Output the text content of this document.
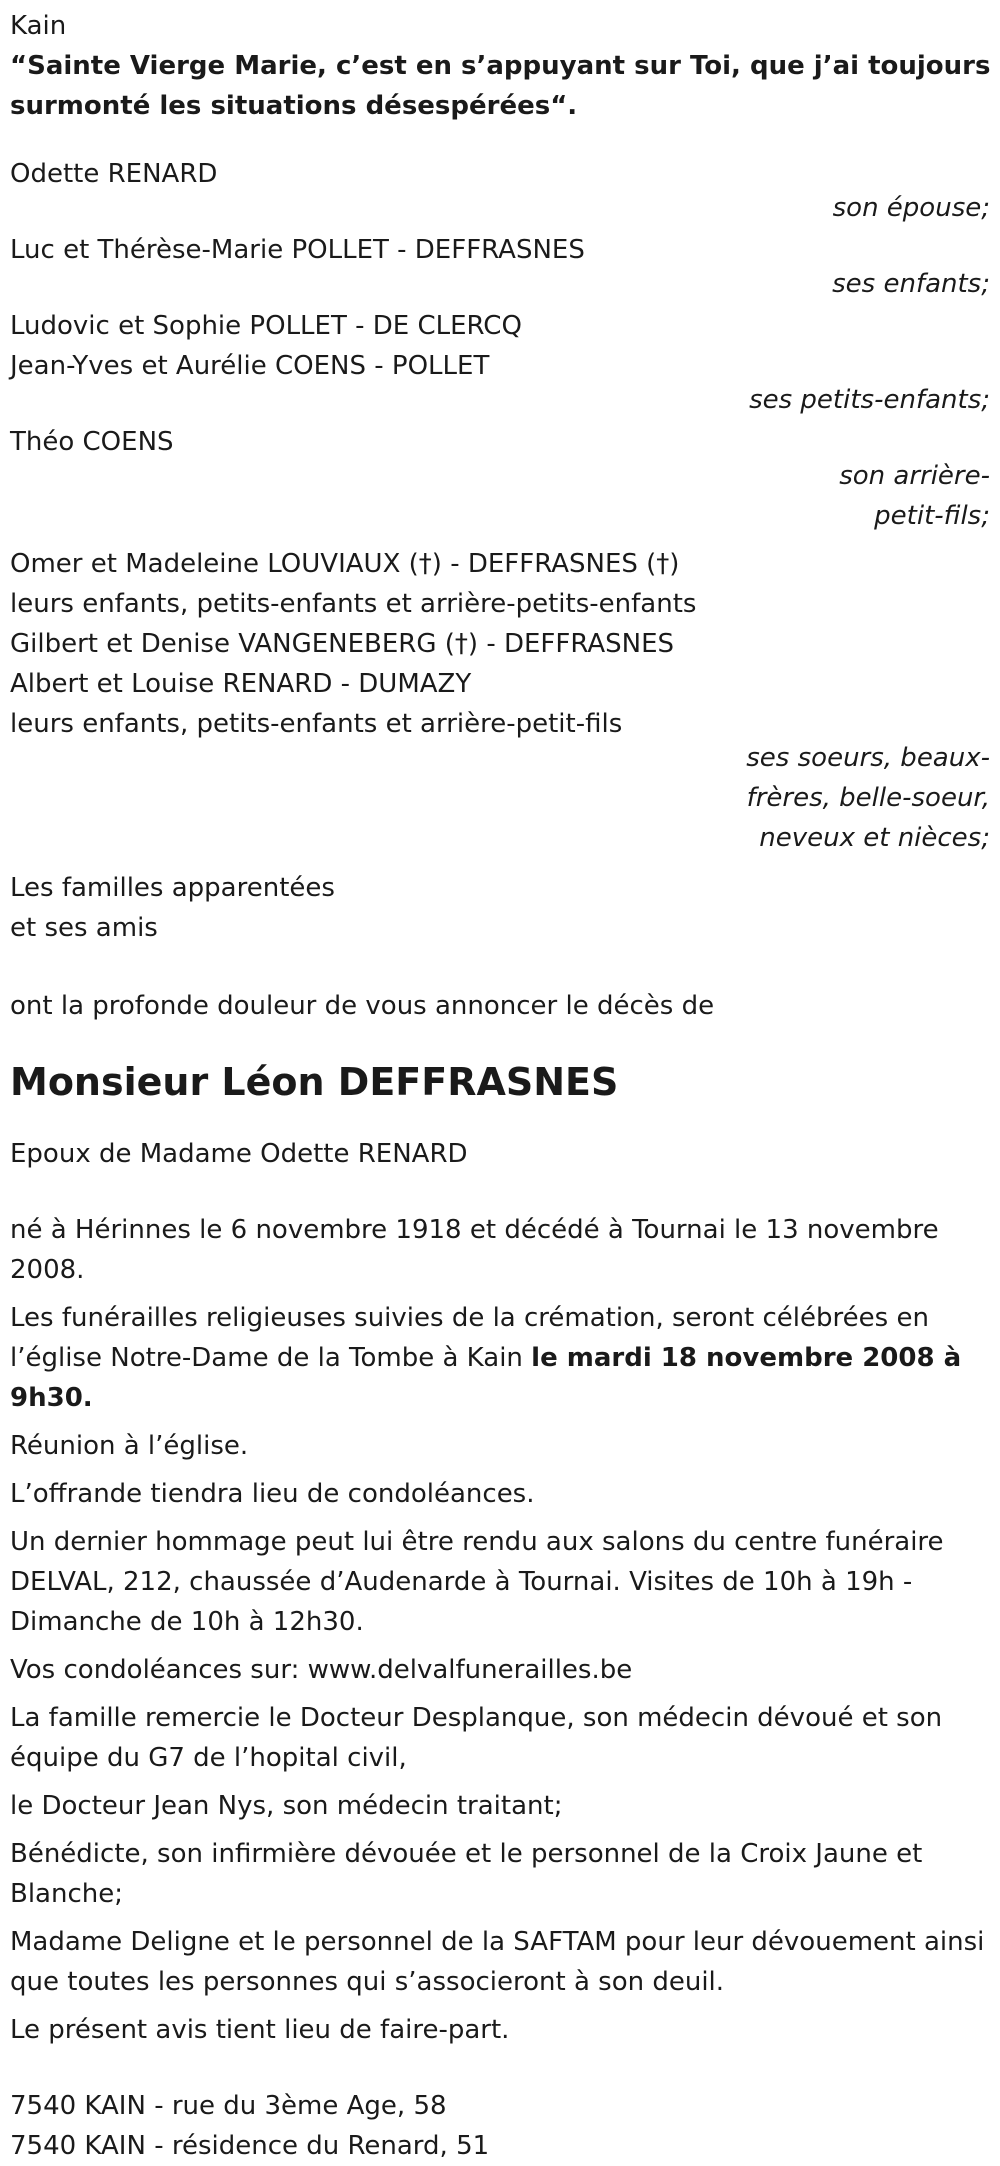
Kain
“Sainte Vierge Marie, c’est en s’appuyant sur Toi, que j’ai toujours
surmonté les situations désespérées“.
Odette RENARD
son épouse;
Luc et Thérèse-Marie POLLET - DEFFRASNES
ses enfants;
Ludovic et Sophie POLLET - DE CLERCQ
Jean-Yves et Aurélie COENS - POLLET
ses petits-enfants;
Théo COENS
son arrière-
petit-fils;
Omer et Madeleine LOUVIAUX (†) - DEFFRASNES (†)
leurs enfants, petits-enfants et arrière-petits-enfants
Gilbert et Denise VANGENEBERG (†) - DEFFRASNES
Albert et Louise RENARD - DUMAZY
leurs enfants, petits-enfants et arrière-petit-fils
ses soeurs, beaux-
frères, belle-soeur,
neveux et nièces;
Les familles apparentées
et ses amis
ont la profonde douleur de vous annoncer le décès de
Monsieur Léon DEFFRASNES
Epoux de Madame Odette RENARD
né à Hérinnes le 6 novembre 1918 et décédé à Tournai le 13 novembre 2008.
Les funérailles religieuses suivies de la crémation, seront célébrées en l’église Notre-Dame de la Tombe à Kain le mardi 18 novembre 2008 à 9h30.
Réunion à l’église.
L’offrande tiendra lieu de condoléances.
Un dernier hommage peut lui être rendu aux salons du centre funéraire DELVAL, 212, chaussée d’Audenarde à Tournai. Visites de 10h à 19h - Dimanche de 10h à 12h30.
Vos condoléances sur: www.delvalfunerailles.be
La famille remercie le Docteur Desplanque, son médecin dévoué et son équipe du G7 de l’hopital civil,
le Docteur Jean Nys, son médecin traitant;
Bénédicte, son infirmière dévouée et le personnel de la Croix Jaune et Blanche;
Madame Deligne et le personnel de la SAFTAM pour leur dévouement ainsi que toutes les personnes qui s’associeront à son deuil.
Le présent avis tient lieu de faire-part.
7540 KAIN - rue du 3ème Age, 58
7540 KAIN - résidence du Renard, 51
